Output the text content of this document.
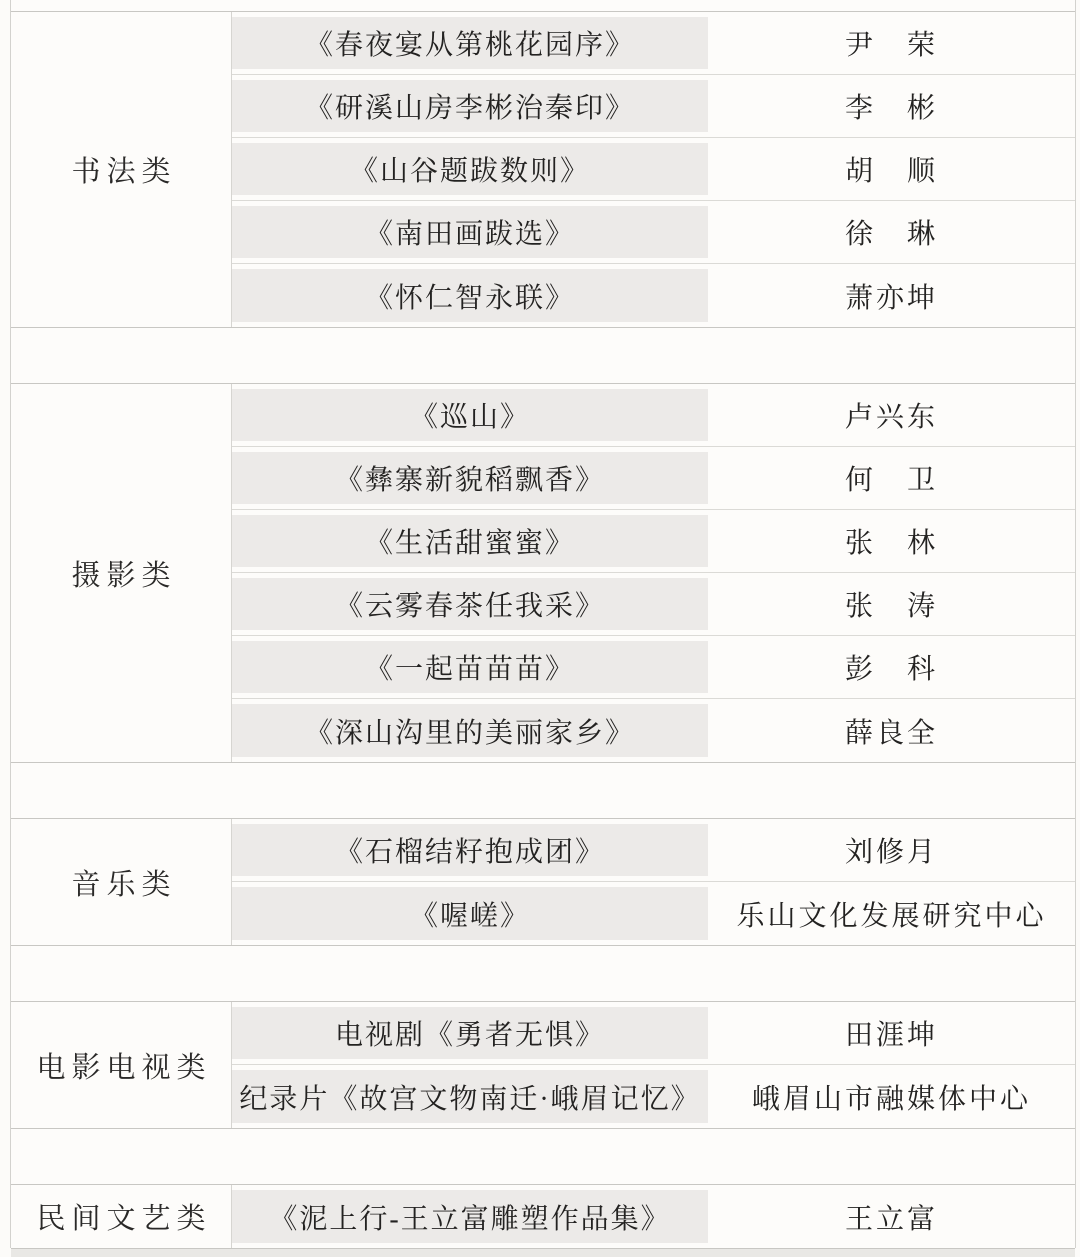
书法类
《春夜宴从第桃花园序》	尹　荣
《研溪山房李彬治秦印》	李　彬
《山谷题跋数则》	胡　顺
《南田画跋选》	徐　琳
《怀仁智永联》	萧亦坤
摄影类
《巡山》	卢兴东
《彝寨新貌稻飘香》	何　卫
《生活甜蜜蜜》	张　林
《云雾春茶任我采》	张　涛
《一起苗苗苗》	彭　科
《深山沟里的美丽家乡》	薛良全
音乐类
《石榴结籽抱成团》	刘修月
《喔嵯》	乐山文化发展研究中心
电影电视类
电视剧《勇者无惧》	田涯坤
纪录片《故宫文物南迁·峨眉记忆》 峨眉山市融媒体中心
民间文艺类 《泥上行-王立富雕塑作品集》	王立富
